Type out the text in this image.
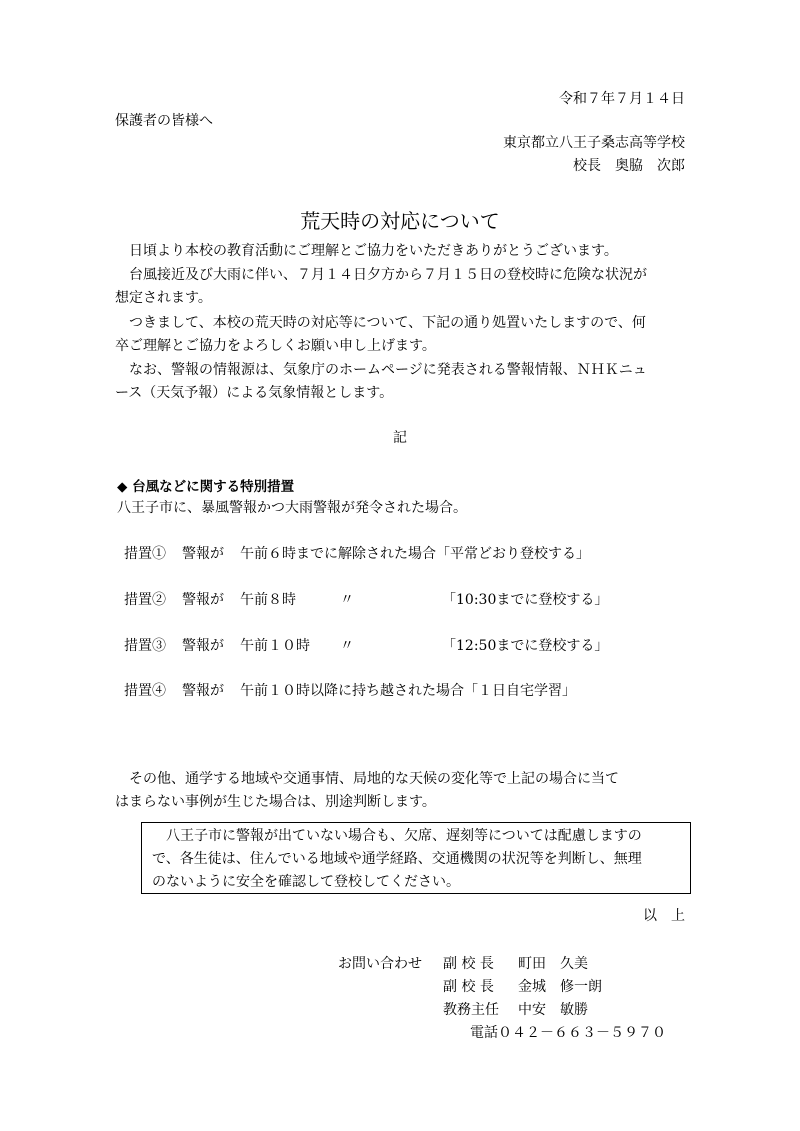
令和７年７月１４日
保護者の皆様へ
東京都立八王子桑志高等学校
校長　奥脇　次郎
荒天時の対応について
日頃より本校の教育活動にご理解とご協力をいただきありがとうございます。
台風接近及び大雨に伴い、７月１４日夕方から７月１５日の登校時に危険な状況が
想定されます。
つきまして、本校の荒天時の対応等について、下記の通り処置いたしますので、何
卒ご理解とご協力をよろしくお願い申し上げます。
なお、警報の情報源は、気象庁のホームページに発表される警報情報、ＮＨＫニュ
ース（天気予報）による気象情報とします。
記
◆ 台風などに関する特別措置
八王子市に、暴風警報かつ大雨警報が発令された場合。
措置① 警報が 午前６時までに解除された場合「平常どおり登校する」
措置② 警報が 午前８時	〃	「10:30までに登校する」
措置③ 警報が 午前１０時 〃	「12:50までに登校する」
措置④ 警報が 午前１０時以降に持ち越された場合「１日自宅学習」
その他、通学する地域や交通事情、局地的な天候の変化等で上記の場合に当て
はまらない事例が生じた場合は、別途判断します。
八王子市に警報が出ていない場合も、欠席、遅刻等については配慮しますの
で、各生徒は、住んでいる地域や通学経路、交通機関の状況等を判断し、無理
のないように安全を確認して登校してください。
以　上
お問い合わせ 副 校 長 町田　久美
副 校 長 金城　修一朗
教務主任 中安　敏勝
電話０４２－６６３－５９７０
